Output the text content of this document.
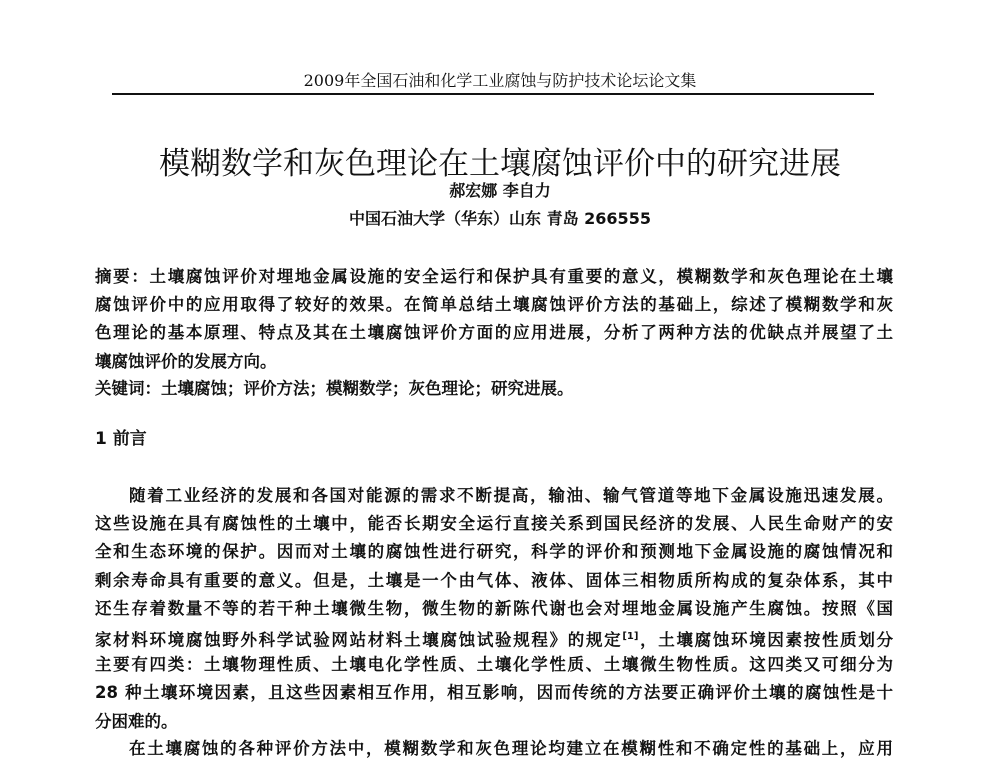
2009年全国石油和化学工业腐蚀与防护技术论坛论文集
模糊数学和灰色理论在土壤腐蚀评价中的研究进展
郝宏娜 李自力
中国石油大学（华东）山东 青岛 266555
摘要：土壤腐蚀评价对埋地金属设施的安全运行和保护具有重要的意义，模糊数学和灰色理论在土壤
腐蚀评价中的应用取得了较好的效果。在简单总结土壤腐蚀评价方法的基础上，综述了模糊数学和灰
色理论的基本原理、特点及其在土壤腐蚀评价方面的应用进展，分析了两种方法的优缺点并展望了土
壤腐蚀评价的发展方向。
关键词：土壤腐蚀；评价方法；模糊数学；灰色理论；研究进展。
1 前言
随着工业经济的发展和各国对能源的需求不断提高，输油、输气管道等地下金属设施迅速发展。
这些设施在具有腐蚀性的土壤中，能否长期安全运行直接关系到国民经济的发展、人民生命财产的安
全和生态环境的保护。因而对土壤的腐蚀性进行研究，科学的评价和预测地下金属设施的腐蚀情况和
剩余寿命具有重要的意义。但是，土壤是一个由气体、液体、固体三相物质所构成的复杂体系，其中
还生存着数量不等的若干种土壤微生物，微生物的新陈代谢也会对埋地金属设施产生腐蚀。按照《国
家材料环境腐蚀野外科学试验网站材料土壤腐蚀试验规程》的规定[1]，土壤腐蚀环境因素按性质划分
主要有四类：土壤物理性质、土壤电化学性质、土壤化学性质、土壤微生物性质。这四类又可细分为
28 种土壤环境因素，且这些因素相互作用，相互影响，因而传统的方法要正确评价土壤的腐蚀性是十
分困难的。
在土壤腐蚀的各种评价方法中，模糊数学和灰色理论均建立在模糊性和不确定性的基础上，应用
